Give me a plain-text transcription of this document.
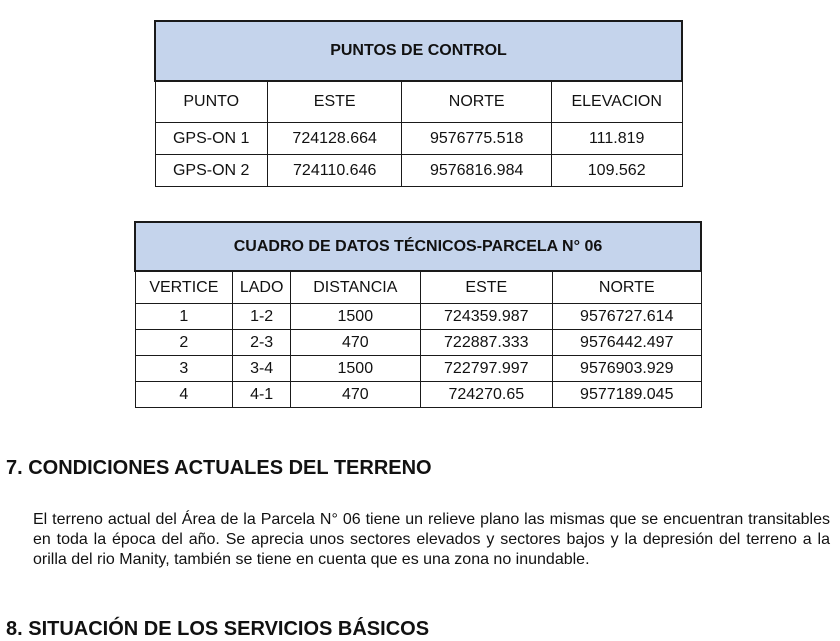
PUNTOS DE CONTROL			
PUNTO	ESTE	NORTE	ELEVACION
GPS-ON 1	724128.664	9576775.518	111.819
GPS-ON 2	724110.646	9576816.984	109.562
CUADRO DE DATOS TÉCNICOS-PARCELA N° 06				
VERTICE	LADO	DISTANCIA	ESTE	NORTE
1	1-2	1500	724359.987	9576727.614
2	2-3	470	722887.333	9576442.497
3	3-4	1500	722797.997	9576903.929
4	4-1	470	724270.65	9577189.045
7. CONDICIONES ACTUALES DEL TERRENO

El terreno actual del Área de la Parcela N° 06 tiene un relieve plano las mismas que se encuentran transitables en toda la época del año. Se aprecia unos sectores elevados y sectores bajos y la depresión del terreno a la orilla del rio Manity, también se tiene en cuenta que es una zona no inundable.

8. SITUACIÓN DE LOS SERVICIOS BÁSICOS
